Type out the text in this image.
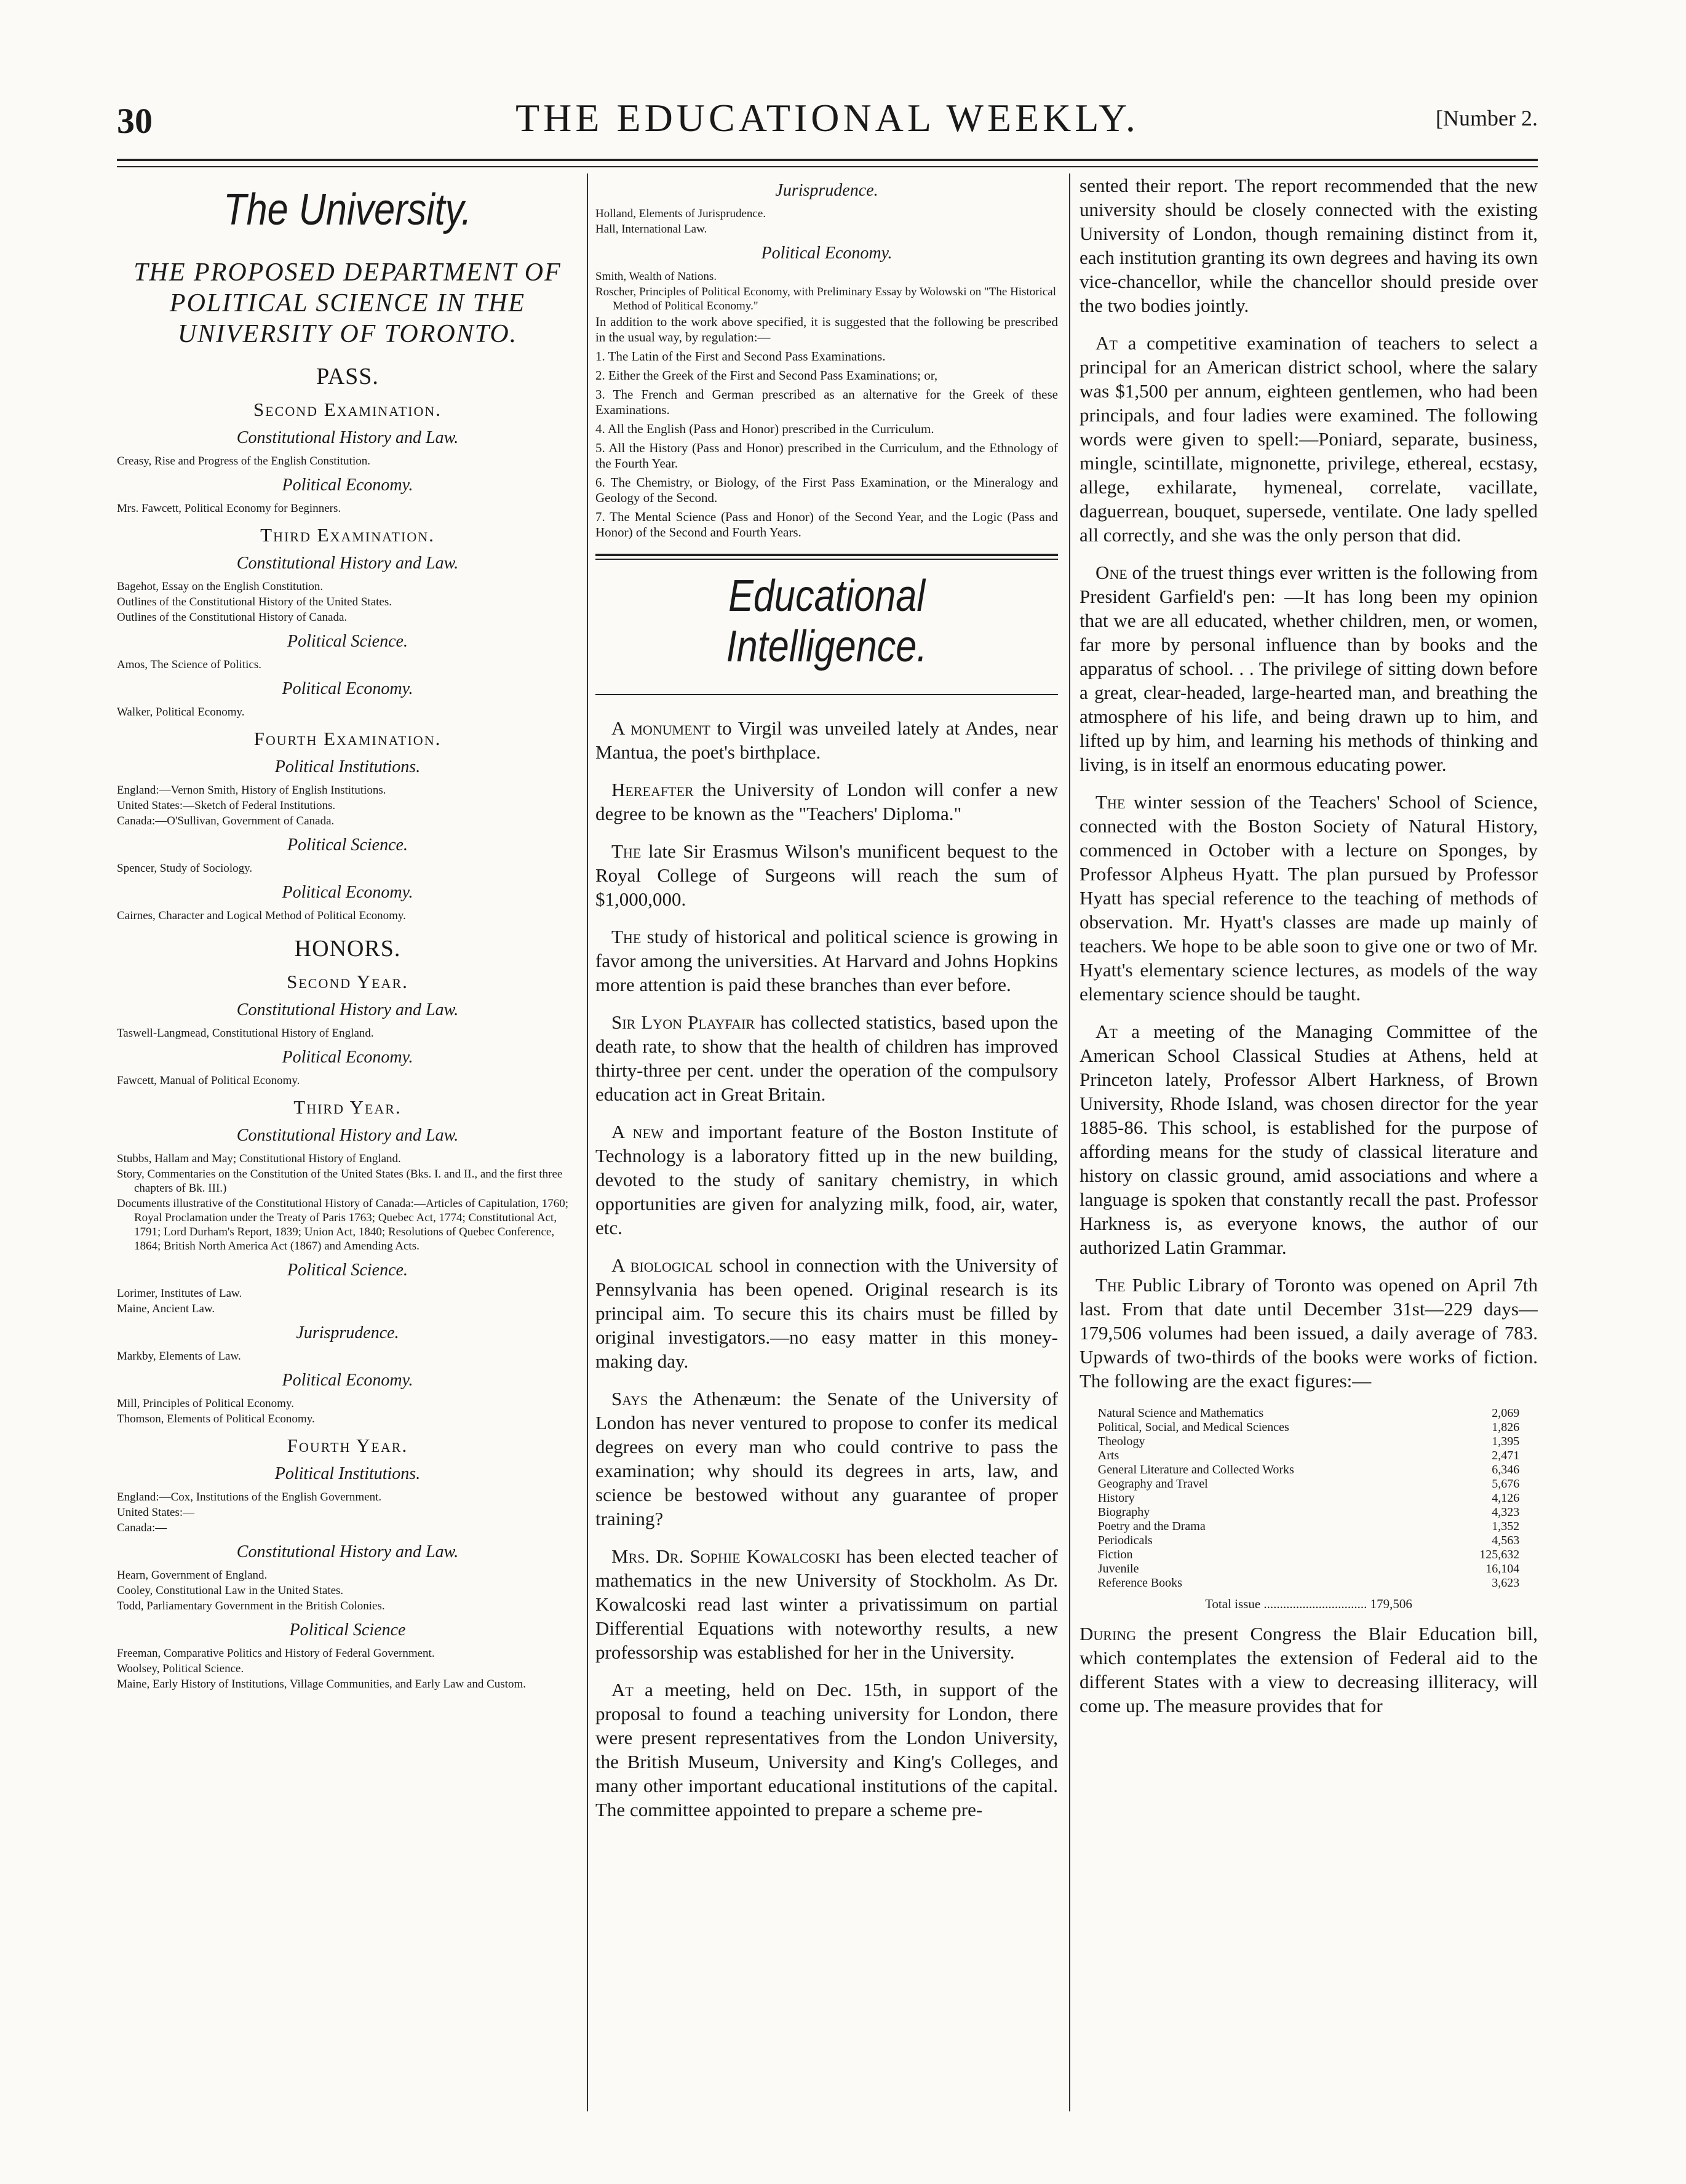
30	THE EDUCATIONAL WEEKLY.	[Number 2.
The University.
THE PROPOSED DEPARTMENT OF POLITICAL SCIENCE IN THE UNIVERSITY OF TORONTO.
PASS.
Second Examination.
Constitutional History and Law.

Creasy, Rise and Progress of the English Constitution.

Political Economy.

Mrs. Fawcett, Political Economy for Beginners.

Third Examination.
Constitutional History and Law.

Bagehot, Essay on the English Constitution.

Outlines of the Constitutional History of the United States.

Outlines of the Constitutional History of Canada.

Political Science.

Amos, The Science of Politics.

Political Economy.

Walker, Political Economy.

Fourth Examination.
Political Institutions.

England:—Vernon Smith, History of English Institutions.

United States:—Sketch of Federal Institutions.

Canada:—O'Sullivan, Government of Canada.

Political Science.

Spencer, Study of Sociology.

Political Economy.

Cairnes, Character and Logical Method of Political Economy.

HONORS.
Second Year.
Constitutional History and Law.

Taswell-Langmead, Constitutional History of England.

Political Economy.

Fawcett, Manual of Political Economy.

Third Year.
Constitutional History and Law.

Stubbs, Hallam and May; Constitutional History of England.

Story, Commentaries on the Constitution of the United States (Bks. I. and II., and the first three chapters of Bk. III.)

Documents illustrative of the Constitutional History of Canada:—Articles of Capitulation, 1760; Royal Proclamation under the Treaty of Paris 1763; Quebec Act, 1774; Constitutional Act, 1791; Lord Durham's Report, 1839; Union Act, 1840; Resolutions of Quebec Conference, 1864; British North America Act (1867) and Amending Acts.

Political Science.

Lorimer, Institutes of Law.

Maine, Ancient Law.

Jurisprudence.

Markby, Elements of Law.

Political Economy.

Mill, Principles of Political Economy.

Thomson, Elements of Political Economy.

Fourth Year.
Political Institutions.

England:—Cox, Institutions of the English Government.

United States:—

Canada:—

Constitutional History and Law.

Hearn, Government of England.

Cooley, Constitutional Law in the United States.

Todd, Parliamentary Government in the British Colonies.

Political Science

Freeman, Comparative Politics and History of Federal Government.

Woolsey, Political Science.

Maine, Early History of Institutions, Village Communities, and Early Law and Custom.

Jurisprudence.

Holland, Elements of Jurisprudence.

Hall, International Law.

Political Economy.

Smith, Wealth of Nations.

Roscher, Principles of Political Economy, with Preliminary Essay by Wolowski on "The Historical Method of Political Economy."

In addition to the work above specified, it is suggested that the following be prescribed in the usual way, by regulation:—

1. The Latin of the First and Second Pass Examinations.

2. Either the Greek of the First and Second Pass Examinations; or,

3. The French and German prescribed as an alternative for the Greek of these Examinations.

4. All the English (Pass and Honor) prescribed in the Curriculum.

5. All the History (Pass and Honor) prescribed in the Curriculum, and the Ethnology of the Fourth Year.

6. The Chemistry, or Biology, of the First Pass Examination, or the Mineralogy and Geology of the Second.

7. The Mental Science (Pass and Honor) of the Second Year, and the Logic (Pass and Honor) of the Second and Fourth Years.

Educational Intelligence.

A monument to Virgil was unveiled lately at Andes, near Mantua, the poet's birthplace.

Hereafter the University of London will confer a new degree to be known as the "Teachers' Diploma."

The late Sir Erasmus Wilson's munificent bequest to the Royal College of Surgeons will reach the sum of $1,000,000.

The study of historical and political science is growing in favor among the universities. At Harvard and Johns Hopkins more attention is paid these branches than ever before.

Sir Lyon Playfair has collected statistics, based upon the death rate, to show that the health of children has improved thirty-three per cent. under the operation of the compulsory education act in Great Britain.

A new and important feature of the Boston Institute of Technology is a laboratory fitted up in the new building, devoted to the study of sanitary chemistry, in which opportunities are given for analyzing milk, food, air, water, etc.

A biological school in connection with the University of Pennsylvania has been opened. Original research is its principal aim. To secure this its chairs must be filled by original investigators.—no easy matter in this money-making day.

Says the Athenæum: the Senate of the University of London has never ventured to propose to confer its medical degrees on every man who could contrive to pass the examination; why should its degrees in arts, law, and science be bestowed without any guarantee of proper training?

Mrs. Dr. Sophie Kowalcoski has been elected teacher of mathematics in the new University of Stockholm. As Dr. Kowalcoski read last winter a privatissimum on partial Differential Equations with noteworthy results, a new professorship was established for her in the University.

At a meeting, held on Dec. 15th, in support of the proposal to found a teaching university for London, there were present representatives from the London University, the British Museum, University and King's Colleges, and many other important educational institutions of the capital. The committee appointed to prepare a scheme pre-

sented their report. The report recommended that the new university should be closely connected with the existing University of London, though remaining distinct from it, each institution granting its own degrees and having its own vice-chancellor, while the chancellor should preside over the two bodies jointly.

At a competitive examination of teachers to select a principal for an American district school, where the salary was $1,500 per annum, eighteen gentlemen, who had been principals, and four ladies were examined. The following words were given to spell:—Poniard, separate, business, mingle, scintillate, mignonette, privilege, ethereal, ecstasy, allege, exhilarate, hymeneal, correlate, vacillate, daguerrean, bouquet, supersede, ventilate. One lady spelled all correctly, and she was the only person that did.

One of the truest things ever written is the following from President Garfield's pen: —It has long been my opinion that we are all educated, whether children, men, or women, far more by personal influence than by books and the apparatus of school. . . The privilege of sitting down before a great, clear-headed, large-hearted man, and breathing the atmosphere of his life, and being drawn up to him, and lifted up by him, and learning his methods of thinking and living, is in itself an enormous educating power.

The winter session of the Teachers' School of Science, connected with the Boston Society of Natural History, commenced in October with a lecture on Sponges, by Professor Alpheus Hyatt. The plan pursued by Professor Hyatt has special reference to the teaching of methods of observation. Mr. Hyatt's classes are made up mainly of teachers. We hope to be able soon to give one or two of Mr. Hyatt's elementary science lectures, as models of the way elementary science should be taught.

At a meeting of the Managing Committee of the American School Classical Studies at Athens, held at Princeton lately, Professor Albert Harkness, of Brown University, Rhode Island, was chosen director for the year 1885-86. This school, is established for the purpose of affording means for the study of classical literature and history on classic ground, amid associations and where a language is spoken that constantly recall the past. Professor Harkness is, as everyone knows, the author of our authorized Latin Grammar.

The Public Library of Toronto was opened on April 7th last. From that date until December 31st—229 days—179,506 volumes had been issued, a daily average of 783. Upwards of two-thirds of the books were works of fiction. The following are the exact figures:—

Natural Science and Mathematics	2,069
Political, Social, and Medical Sciences	1,826
Theology	1,395
Arts	2,471
General Literature and Collected Works	6,346
Geography and Travel	5,676
History	4,126
Biography	4,323
Poetry and the Drama	1,352
Periodicals	4,563
Fiction	125,632
Juvenile	16,104
Reference Books	3,623
Total issue ................................ 179,506

During the present Congress the Blair Education bill, which contemplates the extension of Federal aid to the different States with a view to decreasing illiteracy, will come up. The measure provides that for
